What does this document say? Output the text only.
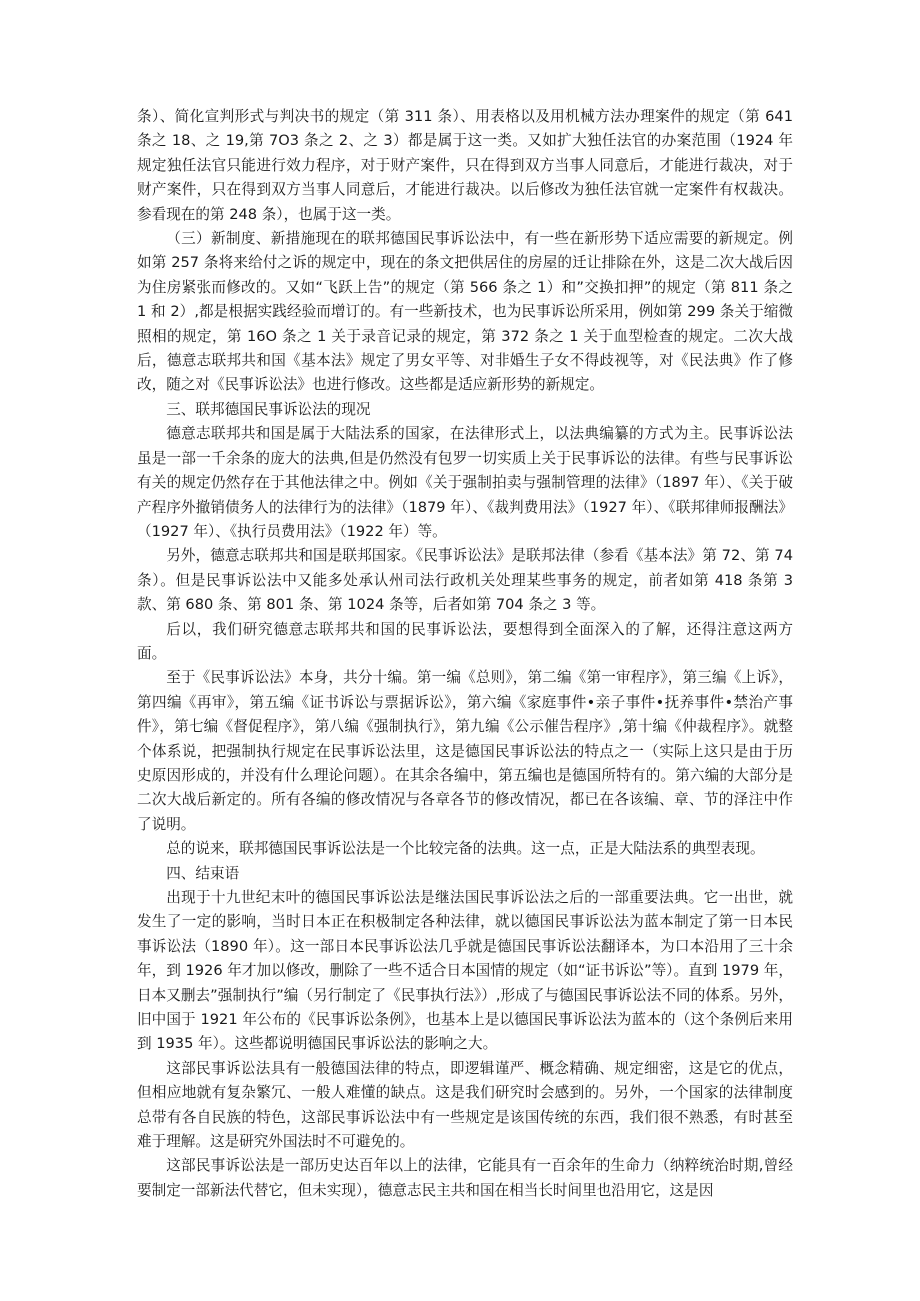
条）、简化宣判形式与判决书的规定（第 311 条）、用表格以及用机械方法办理案件的规定（第 641 条之 18、之 19,第 7O3 条之 2、之 3）都是属于这一类。又如扩大独任法官的办案范围（1924 年规定独任法官只能进行效力程序，对于财产案件，只在得到双方当事人同意后，才能进行裁决，对于财产案件，只在得到双方当事人同意后，才能进行裁决。以后修改为独任法官就一定案件有权裁决。参看现在的第 248 条），也属于这一类。

（三）新制度、新措施现在的联邦德国民事诉讼法中，有一些在新形势下适应需要的新规定。例如第 257 条将来给付之诉的规定中，现在的条文把供居住的房屋的迁让排除在外，这是二次大战后因为住房紧张而修改的。又如“飞跃上告”的规定（第 566 条之 1）和”交换扣押”的规定（第 811 条之 1 和 2）,都是根据实践经验而增订的。有一些新技术，也为民事诉讼所采用，例如第 299 条关于缩微照相的规定，第 16O 条之 1 关于录音记录的规定，第 372 条之 1 关于血型检查的规定。二次大战后，德意志联邦共和国《基本法》规定了男女平等、对非婚生子女不得歧视等，对《民法典》作了修改，随之对《民事诉讼法》也进行修改。这些都是适应新形势的新规定。

三、联邦德国民事诉讼法的现况

德意志联邦共和国是属于大陆法系的国家，在法律形式上，以法典编纂的方式为主。民事诉讼法虽是一部一千余条的庞大的法典,但是仍然没有包罗一切实质上关于民事诉讼的法律。有些与民事诉讼有关的规定仍然存在于其他法律之中。例如《关于强制拍卖与强制管理的法律》（1897 年）、《关于破产程序外撤销债务人的法律行为的法律》（1879 年）、《裁判费用法》（1927 年）、《联邦律师报酬法》（1927 年）、《执行员费用法》（1922 年）等。

另外，德意志联邦共和国是联邦国家。《民事诉讼法》是联邦法律（参看《基本法》第 72、第 74 条）。但是民事诉讼法中又能多处承认州司法行政机关处理某些事务的规定，前者如第 418 条第 3 款、第 680 条、第 801 条、第 1024 条等，后者如第 704 条之 3 等。

后以，我们研究德意志联邦共和国的民事诉讼法，要想得到全面深入的了解，还得注意这两方面。

至于《民事诉讼法》本身，共分十编。第一编《总则》，第二编《第一审程序》，第三编《上诉》，第四编《再审》，第五编《证书诉讼与票据诉讼》，第六编《家庭事件•亲子事件•抚养事件•禁治产事件》，第七编《督促程序》，第八编《强制执行》，第九编《公示催告程序》,第十编《仲裁程序》。就整个体系说，把强制执行规定在民事诉讼法里，这是德国民事诉讼法的特点之一（实际上这只是由于历史原因形成的，并没有什么理论问题）。在其余各编中，第五编也是德国所特有的。第六编的大部分是二次大战后新定的。所有各编的修改情况与各章各节的修改情况，都已在各该编、章、节的泽注中作了说明。

总的说来，联邦德国民事诉讼法是一个比较完备的法典。这一点，正是大陆法系的典型表现。

四、结束语

出现于十九世纪末叶的德国民事诉讼法是继法国民事诉讼法之后的一部重要法典。它一出世，就发生了一定的影响，当时日本正在积极制定各种法律，就以德国民事诉讼法为蓝本制定了第一日本民事诉讼法（1890 年）。这一部日本民事诉讼法几乎就是德国民事诉讼法翻译本，为口本沿用了三十余年，到 1926 年才加以修改，删除了一些不适合日本国情的规定（如“证书诉讼”等）。直到 1979 年，日本又删去”强制执行”编（另行制定了《民事执行法》）,形成了与德国民事诉讼法不同的体系。另外，旧中国于 1921 年公布的《民事诉讼条例》，也基本上是以德国民事诉讼法为蓝本的（这个条例后来用到 1935 年）。这些都说明德国民事诉讼法的影响之大。

这部民事诉讼法具有一般德国法律的特点，即逻辑谨严、概念精确、规定细密，这是它的优点，但相应地就有复杂繁冗、一般人难懂的缺点。这是我们研究时会感到的。另外，一个国家的法律制度总带有各自民族的特色，这部民事诉讼法中有一些规定是该国传统的东西，我们很不熟悉，有时甚至难于理解。这是研究外国法时不可避免的。

这部民事诉讼法是一部历史达百年以上的法律，它能具有一百余年的生命力（纳粹统治时期,曾经要制定一部新法代替它，但未实现），德意志民主共和国在相当长时间里也沿用它，这是因
